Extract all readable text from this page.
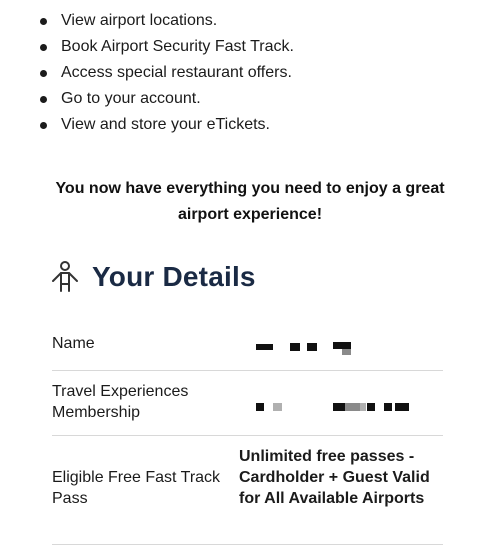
View airport locations.
Book Airport Security Fast Track.
Access special restaurant offers.
Go to your account.
View and store your eTickets.
You now have everything you need to enjoy a great airport experience!
Your Details
Name
Travel Experiences Membership
Eligible Free Fast Track Pass
Unlimited free passes - Cardholder + Guest Valid for All Available Airports
